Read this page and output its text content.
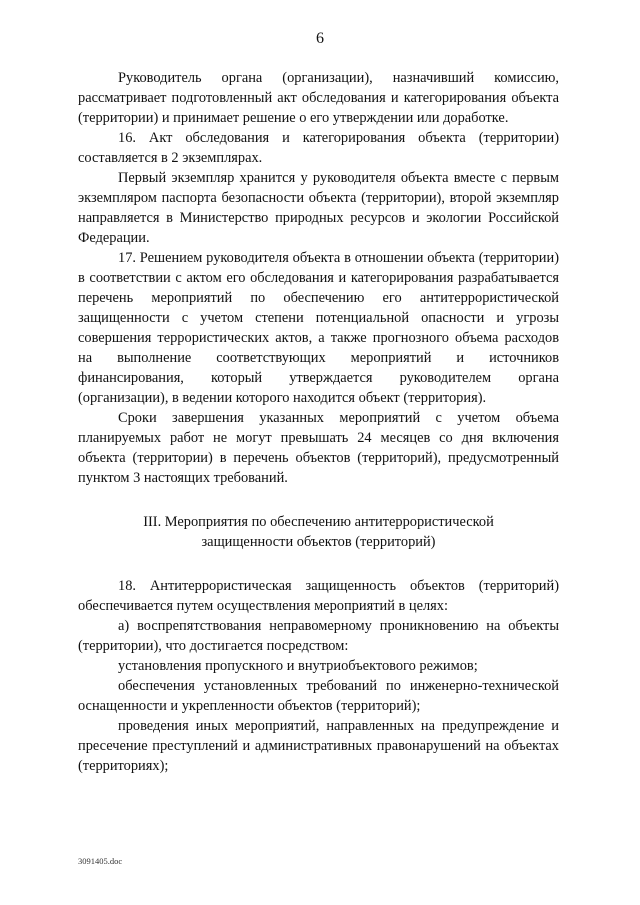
6

Руководитель органа (организации), назначивший комиссию, рассматривает подготовленный акт обследования и категорирования объекта (территории) и принимает решение о его утверждении или доработке.

16. Акт обследования и категорирования объекта (территории) составляется в 2 экземплярах.

Первый экземпляр хранится у руководителя объекта вместе с первым экземпляром паспорта безопасности объекта (территории), второй экземпляр направляется в Министерство природных ресурсов и экологии Российской Федерации.

17. Решением руководителя объекта в отношении объекта (территории) в соответствии с актом его обследования и категорирования разрабатывается перечень мероприятий по обеспечению его антитеррористической защищенности с учетом степени потенциальной опасности и угрозы совершения террористических актов, а также прогнозного объема расходов на выполнение соответствующих мероприятий и источников финансирования, который утверждается руководителем органа (организации), в ведении которого находится объект (территория).

Сроки завершения указанных мероприятий с учетом объема планируемых работ не могут превышать 24 месяцев со дня включения объекта (территории) в перечень объектов (территорий), предусмотренный пунктом 3 настоящих требований.

III. Мероприятия по обеспечению антитеррористической
защищенности объектов (территорий)

18. Антитеррористическая защищенность объектов (территорий) обеспечивается путем осуществления мероприятий в целях:

а) воспрепятствования неправомерному проникновению на объекты (территории), что достигается посредством:

установления пропускного и внутриобъектового режимов;

обеспечения установленных требований по инженерно-технической оснащенности и укрепленности объектов (территорий);

проведения иных мероприятий, направленных на предупреждение и пресечение преступлений и административных правонарушений на объектах (территориях);

3091405.doc
